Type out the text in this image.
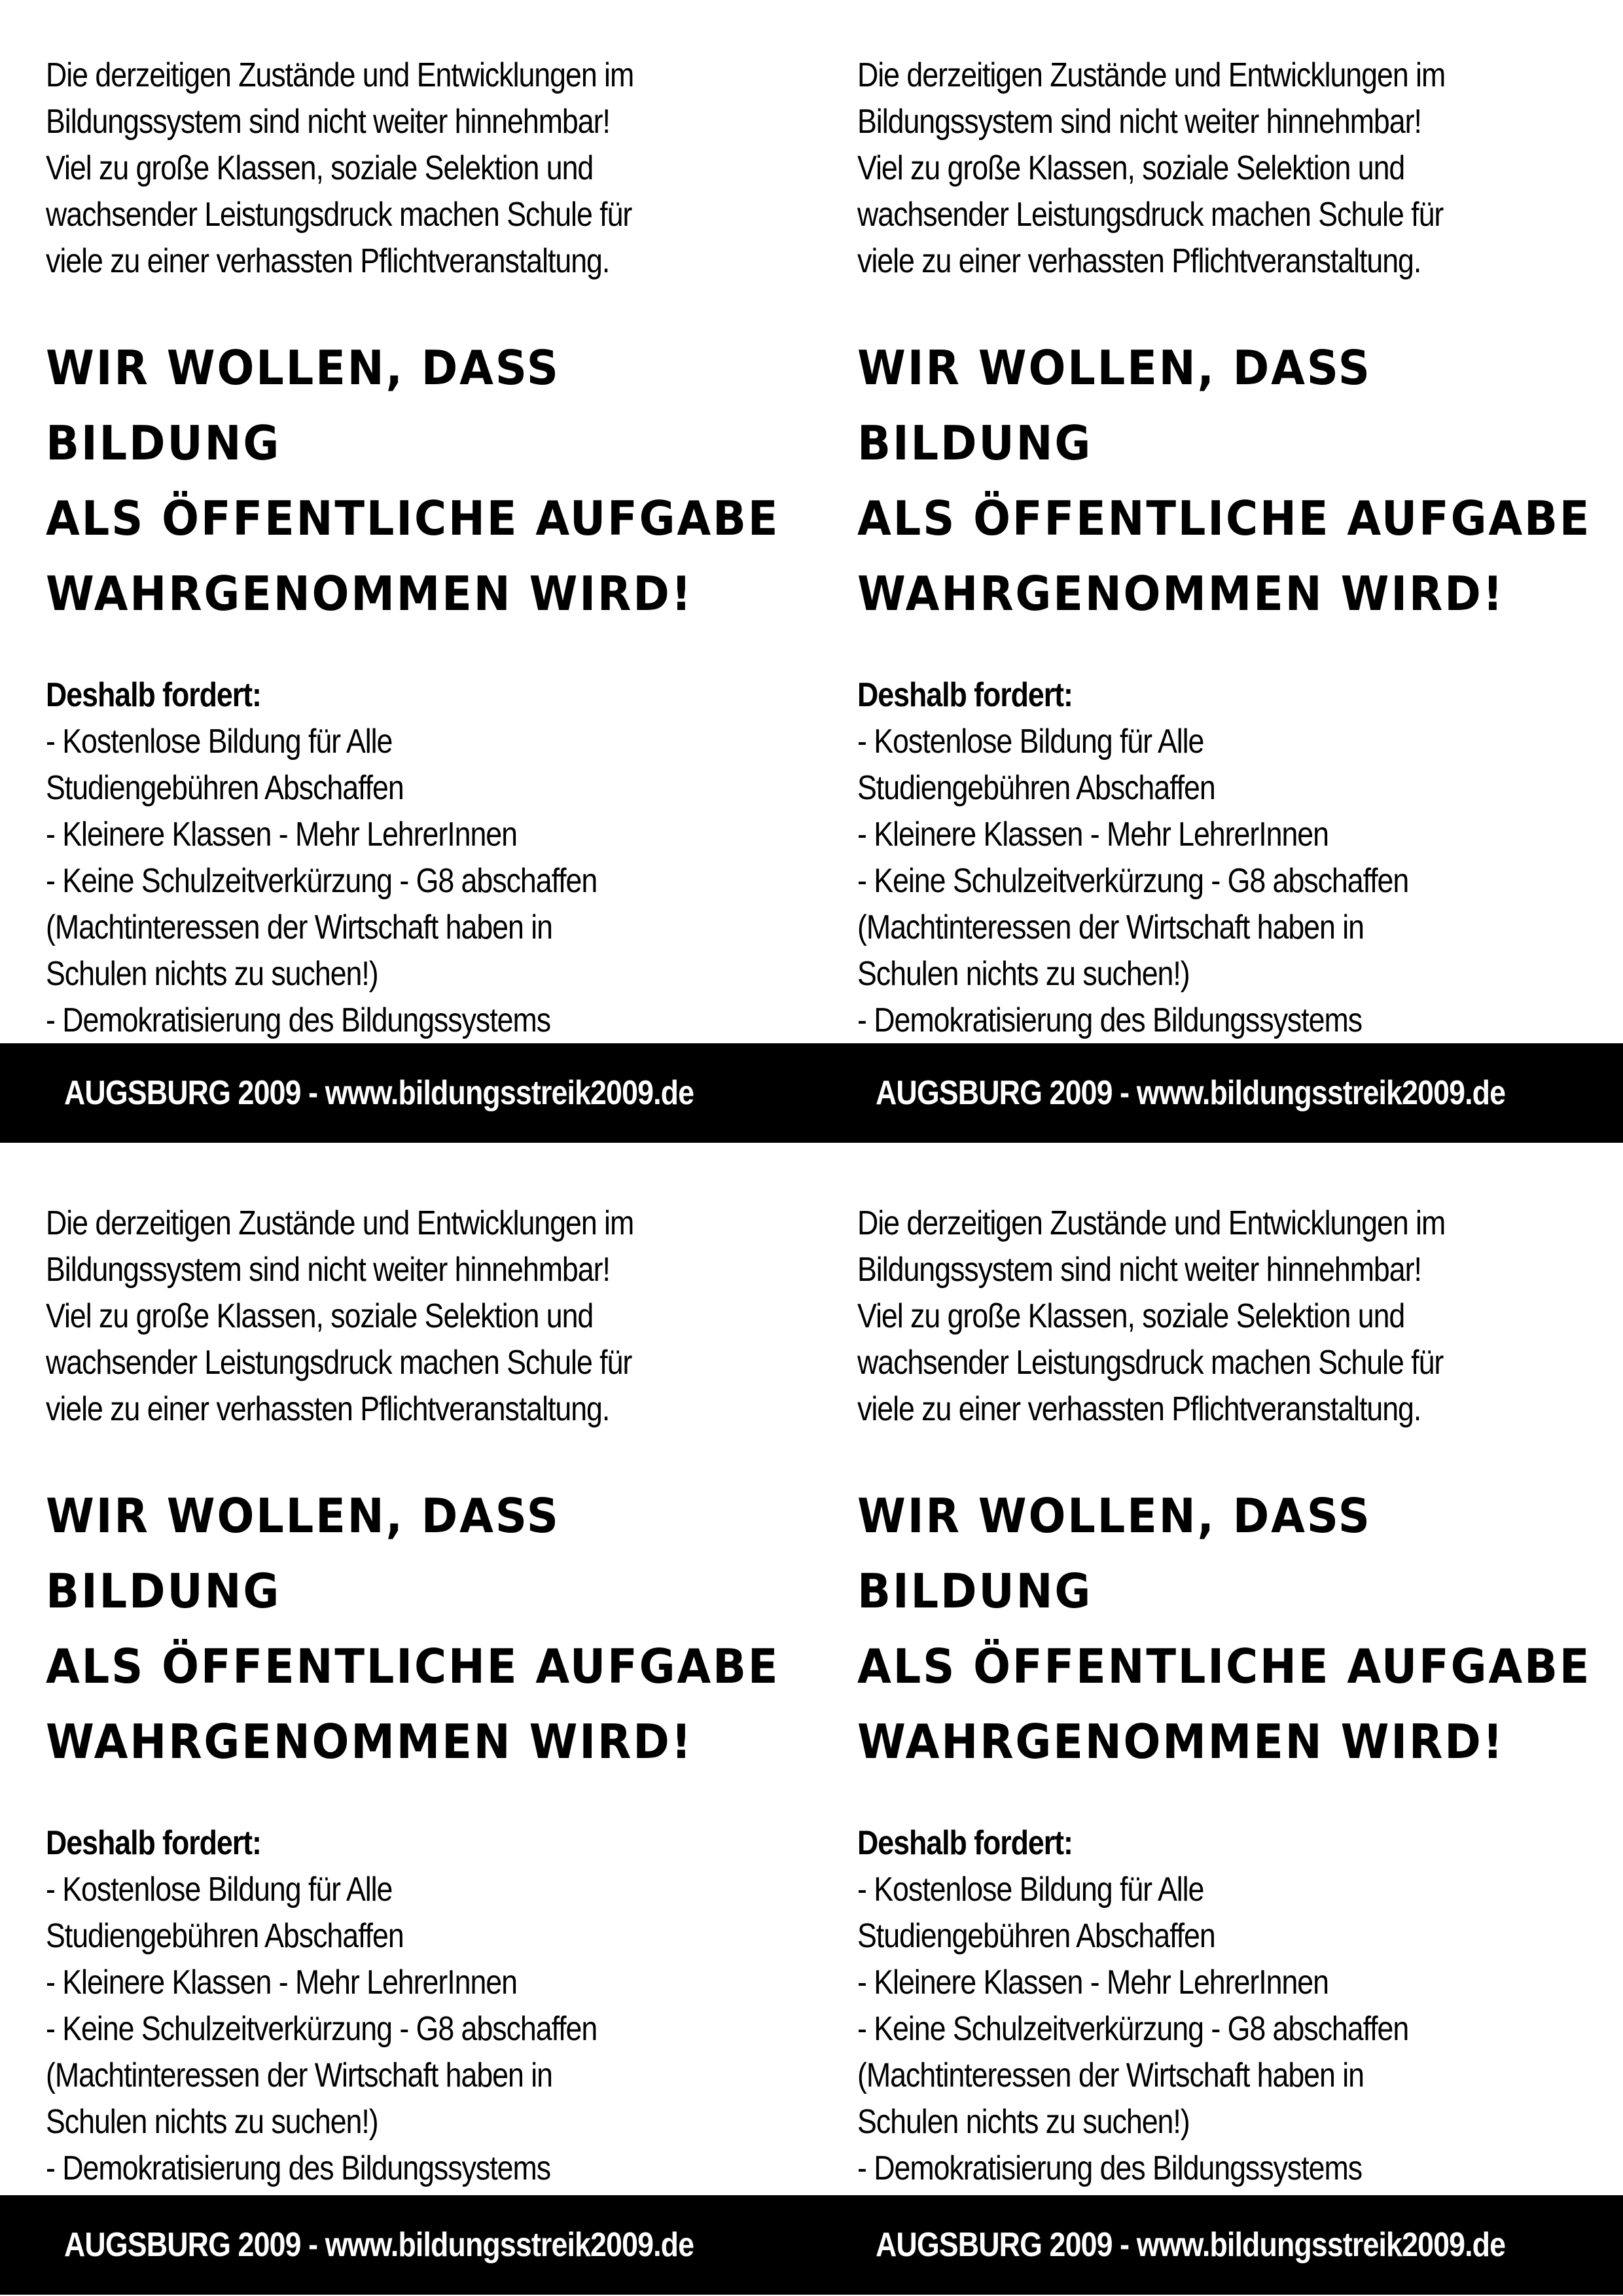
Die derzeitigen Zustände und Entwicklungen im
Bildungssystem sind nicht weiter hinnehmbar!
Viel zu große Klassen, soziale Selektion und
wachsender Leistungsdruck machen Schule für
viele zu einer verhassten Pflichtveranstaltung.

WIR WOLLEN, DASS BILDUNG
ALS ÖFFENTLICHE AUFGABE
WAHRGENOMMEN WIRD!

Deshalb fordert:

- Kostenlose Bildung für Alle
Studiengebühren Abschaffen
- Kleinere Klassen - Mehr LehrerInnen
- Keine Schulzeitverkürzung - G8 abschaffen
(Machtinteressen der Wirtschaft haben in
Schulen nichts zu suchen!)
- Demokratisierung des Bildungssystems

Die derzeitigen Zustände und Entwicklungen im
Bildungssystem sind nicht weiter hinnehmbar!
Viel zu große Klassen, soziale Selektion und
wachsender Leistungsdruck machen Schule für
viele zu einer verhassten Pflichtveranstaltung.

WIR WOLLEN, DASS BILDUNG
ALS ÖFFENTLICHE AUFGABE
WAHRGENOMMEN WIRD!

Deshalb fordert:

- Kostenlose Bildung für Alle
Studiengebühren Abschaffen
- Kleinere Klassen - Mehr LehrerInnen
- Keine Schulzeitverkürzung - G8 abschaffen
(Machtinteressen der Wirtschaft haben in
Schulen nichts zu suchen!)
- Demokratisierung des Bildungssystems
AUGSBURG 2009 - www.bildungsstreik2009.de	AUGSBURG 2009 - www.bildungsstreik2009.de

Die derzeitigen Zustände und Entwicklungen im
Bildungssystem sind nicht weiter hinnehmbar!
Viel zu große Klassen, soziale Selektion und
wachsender Leistungsdruck machen Schule für
viele zu einer verhassten Pflichtveranstaltung.

WIR WOLLEN, DASS BILDUNG
ALS ÖFFENTLICHE AUFGABE
WAHRGENOMMEN WIRD!

Deshalb fordert:

- Kostenlose Bildung für Alle
Studiengebühren Abschaffen
- Kleinere Klassen - Mehr LehrerInnen
- Keine Schulzeitverkürzung - G8 abschaffen
(Machtinteressen der Wirtschaft haben in
Schulen nichts zu suchen!)
- Demokratisierung des Bildungssystems

Die derzeitigen Zustände und Entwicklungen im
Bildungssystem sind nicht weiter hinnehmbar!
Viel zu große Klassen, soziale Selektion und
wachsender Leistungsdruck machen Schule für
viele zu einer verhassten Pflichtveranstaltung.

WIR WOLLEN, DASS BILDUNG
ALS ÖFFENTLICHE AUFGABE
WAHRGENOMMEN WIRD!

Deshalb fordert:

- Kostenlose Bildung für Alle
Studiengebühren Abschaffen
- Kleinere Klassen - Mehr LehrerInnen
- Keine Schulzeitverkürzung - G8 abschaffen
(Machtinteressen der Wirtschaft haben in
Schulen nichts zu suchen!)
- Demokratisierung des Bildungssystems
AUGSBURG 2009 - www.bildungsstreik2009.de	AUGSBURG 2009 - www.bildungsstreik2009.de
